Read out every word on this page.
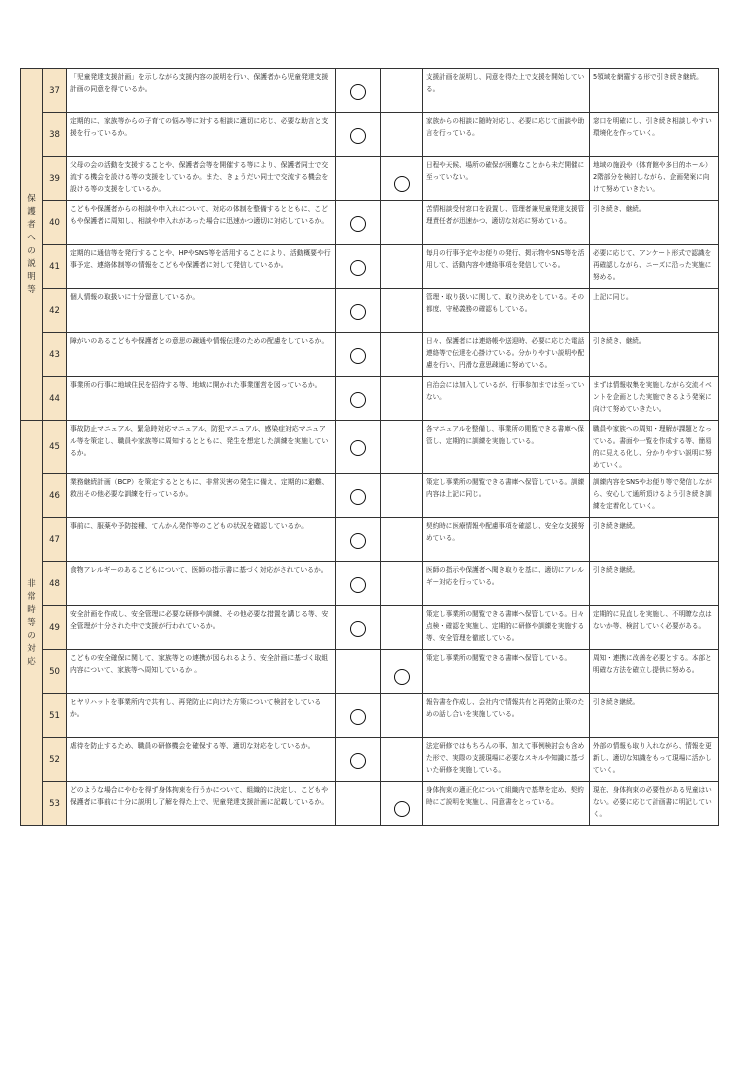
保護者への説明等	37	「児童発達支援計画」を示しながら支援内容の説明を行い、保護者から児童発達支援計画の同意を得ているか。			支援計画を説明し、同意を得た上で支援を開始している。	5領域を網羅する形で引き続き継続。
	38	定期的に、家族等からの子育ての悩み等に対する相談に適切に応じ、必要な助言と支援を行っているか。			家族からの相談に随時対応し、必要に応じて面談や助言を行っている。	窓口を明確にし、引き続き相談しやすい環境化を作っていく。
	39	父母の会の活動を支援することや、保護者会等を開催する等により、保護者同士で交流する機会を設ける等の支援をしているか。また、きょうだい同士で交流する機会を設ける等の支援をしているか。			日程や天候、場所の確保が困難なことから未だ開催に至っていない。	地域の施設や（体育館や多目的ホール）2階部分を検討しながら、企画発案に向けて努めていきたい。
	40	こどもや保護者からの相談や申入れについて、対応の体制を整備するとともに、こどもや保護者に周知し、相談や申入れがあった場合に迅速かつ適切に対応しているか。			苦情相談受付窓口を設置し、管理者兼児童発達支援管理責任者が迅速かつ、適切な対応に努めている。	引き続き、継続。
	41	定期的に通信等を発行することや、HPやSNS等を活用することにより、活動概要や行事予定、連絡体制等の情報をこどもや保護者に対して発信しているか。			毎月の行事予定やお便りの発行、掲示物やSNS等を活用して、活動内容や連絡事項を発信している。	必要に応じて、アンケート形式で認識を再確認しながら、ニーズに沿った実施に努める。
	42	個人情報の取扱いに十分留意しているか。			管理・取り扱いに関して、取り決めをしている。その都度、守秘義務の確認もしている。	上記に同じ。
	43	障がいのあるこどもや保護者との意思の疎通や情報伝達のための配慮をしているか。			日々、保護者には連絡帳や送迎時、必要に応じた電話連絡等で伝達を心掛けている。分かりやすい説明や配慮を行い、円滑な意思疎通に努めている。	引き続き、継続。
	44	事業所の行事に地域住民を招待する等、地域に開かれた事業運営を図っているか。			自治会には加入しているが、行事参加までは至っていない。	まずは情報収集を実施しながら交流イベントを企画とした実施できるよう発案に向けて努めていきたい。
非常時等の対応	45	事故防止マニュアル、緊急時対応マニュアル、防犯マニュアル、感染症対応マニュアル等を策定し、職員や家族等に周知するとともに、発生を想定した訓練を実施しているか。			各マニュアルを整備し、事業所の閲覧できる書庫へ保管し、定期的に訓練を実施している。	職員や家族への周知・理解が課題となっている。書面や一覧を作成する等、簡易的に見える化し、分かりやすい説明に努めていく。
	46	業務継続計画（BCP）を策定するとともに、非常災害の発生に備え、定期的に避難、救出その他必要な訓練を行っているか。			策定し事業所の閲覧できる書庫へ保管している。訓練内容は上記に同じ。	訓練内容をSNSやお便り等で発信しながら、安心して通所頂けるよう引き続き訓練を定着化していく。
	47	事前に、服薬や予防接種、てんかん発作等のこどもの状況を確認しているか。			契約時に医療情報や配慮事項を確認し、安全な支援努めている。	引き続き継続。
	48	食物アレルギーのあるこどもについて、医師の指示書に基づく対応がされているか。			医師の指示や保護者へ聞き取りを基に、適切にアレルギー対応を行っている。	引き続き継続。
	49	安全計画を作成し、安全管理に必要な研修や訓練、その他必要な措置を講じる等、安全管理が十分された中で支援が行われているか。			策定し事業所の閲覧できる書庫へ保管している。日々点検・確認を実施し、定期的に研修や訓練を実施する等、安全管理を徹底している。	定期的に見直しを実施し、不明瞭な点はないか等、検討していく必要がある。
	50	こどもの安全確保に関して、家族等との連携が図られるよう、安全計画に基づく取組内容について、家族等へ周知しているか 。			策定し事業所の閲覧できる書庫へ保管している。	周知・連携に改善を必要とする。本部と明確な方法を確立し提供に努める。
	51	ヒヤリハットを事業所内で共有し、再発防止に向けた方策について検討をしているか。			報告書を作成し、会社内で情報共有と再発防止策のための話し合いを実施している。	引き続き継続。
	52	虐待を防止するため、職員の研修機会を確保する等、適切な対応をしているか。			法定研修ではもちろんの事、加えて事例検討会も含めた形で、実際の支援現場に必要なスキルや知識に基づいた研修を実施している。	外部の情報も取り入れながら、情報を更新し、適切な知識をもって現場に活かしていく。
	53	どのような場合にやむを得ず身体拘束を行うかについて、組織的に決定し、こどもや保護者に事前に十分に説明し了解を得た上で、児童発達支援計画に記載しているか。			身体拘束の適正化について組織内で基準を定め、契約時にご説明を実施し、同意書をとっている。	現在、身体拘束の必要性がある児童はいない。必要に応じて計画書に明記していく。
